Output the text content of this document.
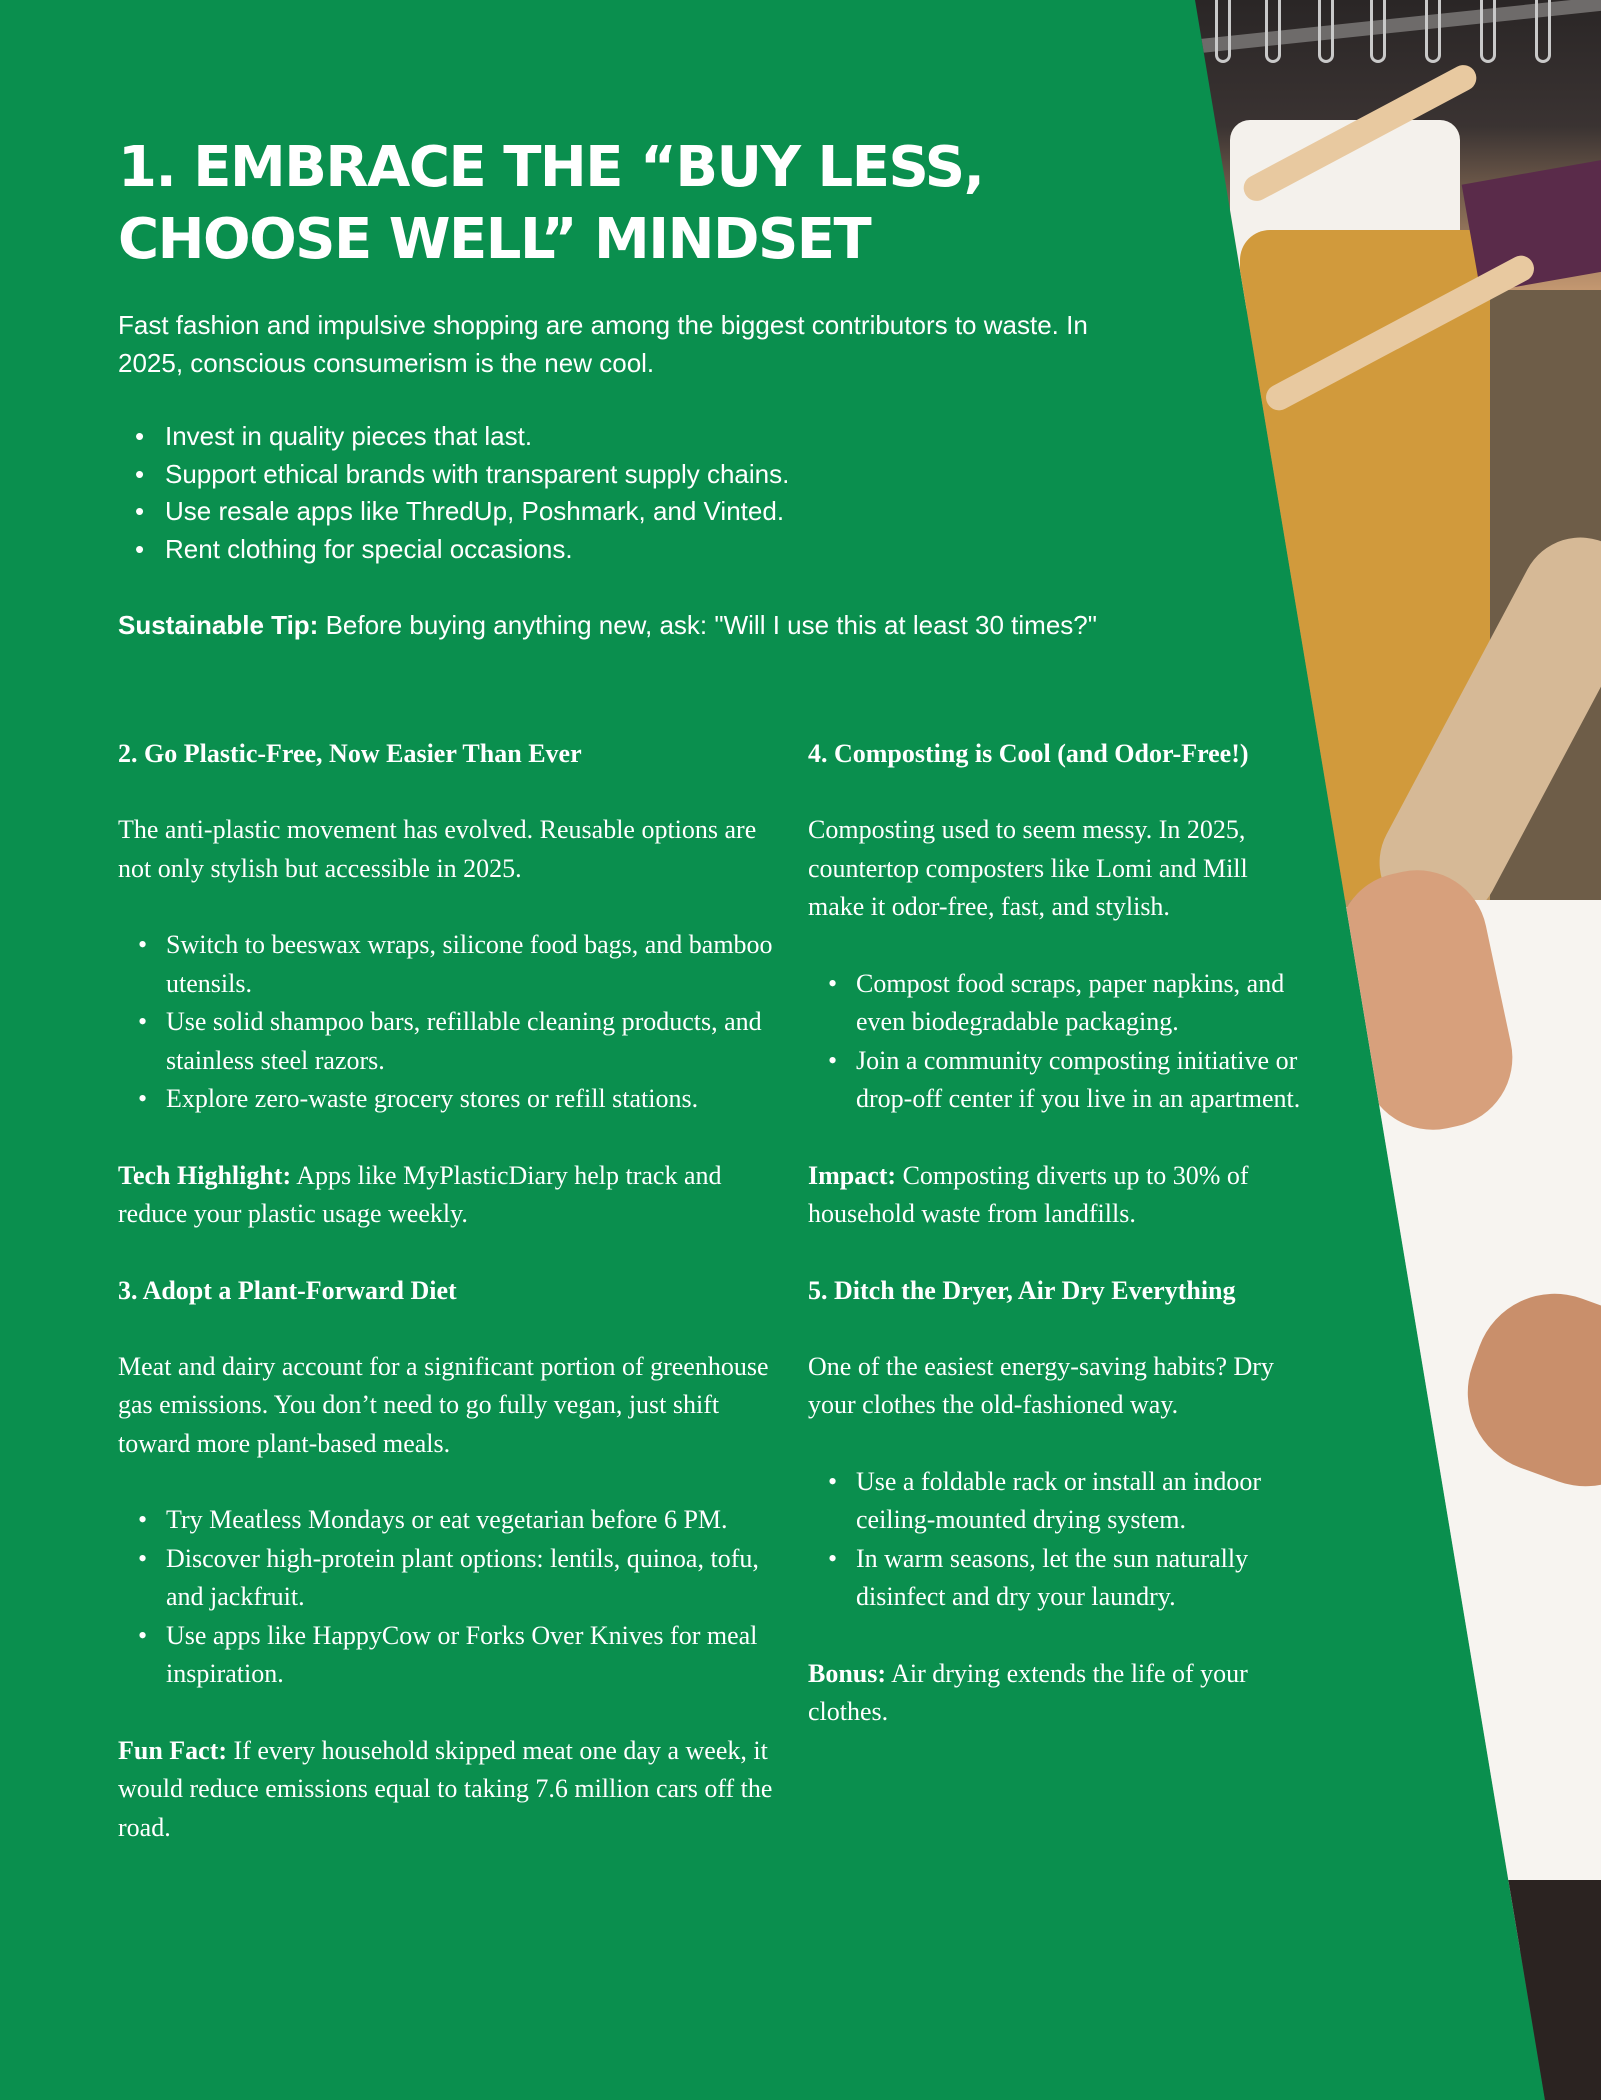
1. EMBRACE THE “BUY LESS,
CHOOSE WELL” MINDSET

Fast fashion and impulsive shopping are among the biggest contributors to waste. In 2025, conscious consumerism is the new cool.

• Invest in quality pieces that last.
• Support ethical brands with transparent supply chains.
• Use resale apps like ThredUp, Poshmark, and Vinted.
• Rent clothing for special occasions.

Sustainable Tip: Before buying anything new, ask: "Will I use this at least 30 times?"

2. Go Plastic-Free, Now Easier Than Ever

The anti-plastic movement has evolved. Reusable options are not only stylish but accessible in 2025.

• Switch to beeswax wraps, silicone food bags, and bamboo utensils.
• Use solid shampoo bars, refillable cleaning products, and stainless steel razors.
• Explore zero-waste grocery stores or refill stations.

Tech Highlight: Apps like MyPlasticDiary help track and reduce your plastic usage weekly.

3. Adopt a Plant-Forward Diet

Meat and dairy account for a significant portion of greenhouse gas emissions. You don’t need to go fully vegan, just shift toward more plant-based meals.

• Try Meatless Mondays or eat vegetarian before 6 PM.
• Discover high-protein plant options: lentils, quinoa, tofu, and jackfruit.
• Use apps like HappyCow or Forks Over Knives for meal inspiration.

Fun Fact: If every household skipped meat one day a week, it would reduce emissions equal to taking 7.6 million cars off the road.

4. Composting is Cool (and Odor-Free!)

Composting used to seem messy. In 2025, countertop composters like Lomi and Mill make it odor-free, fast, and stylish.

• Compost food scraps, paper napkins, and even biodegradable packaging.
• Join a community composting initiative or drop-off center if you live in an apartment.

Impact: Composting diverts up to 30% of household waste from landfills.

5. Ditch the Dryer, Air Dry Everything

One of the easiest energy-saving habits? Dry your clothes the old-fashioned way.

• Use a foldable rack or install an indoor ceiling-mounted drying system.
• In warm seasons, let the sun naturally disinfect and dry your laundry.

Bonus: Air drying extends the life of your clothes.
